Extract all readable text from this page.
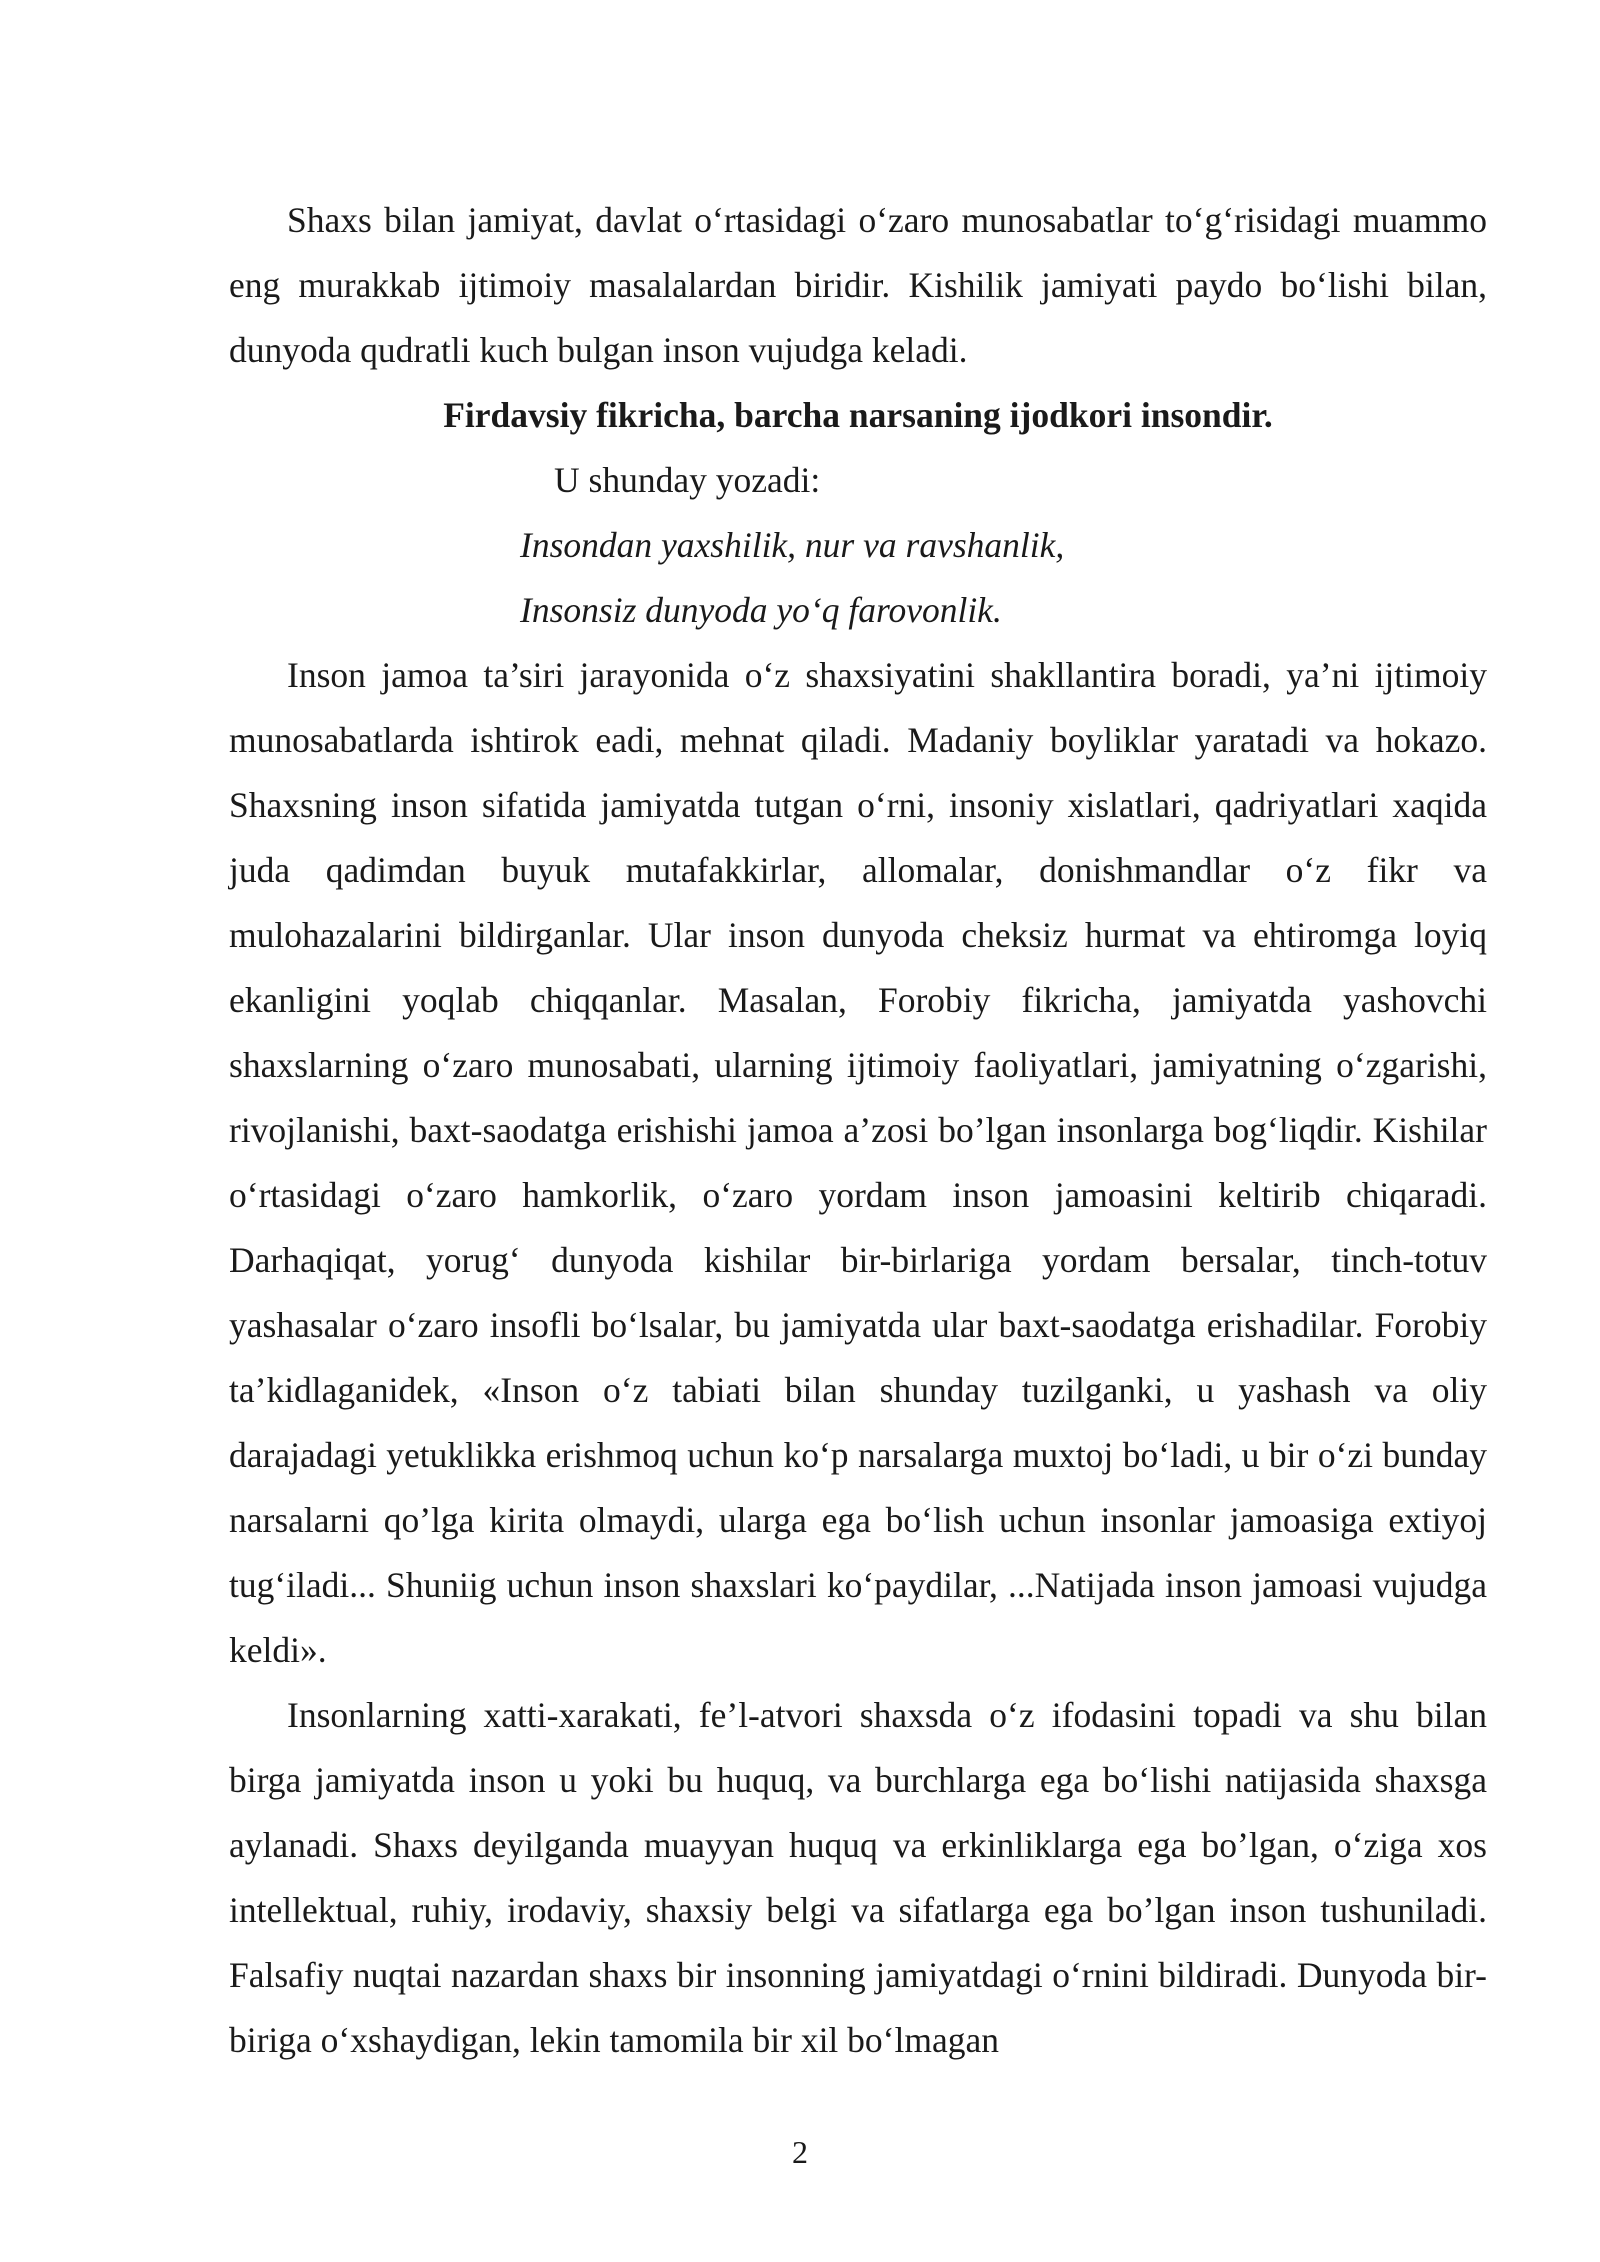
Shaxs bilan jamiyat, davlat oʻrtasidagi oʻzaro munosabatlar toʻgʻrisidagi muammo eng murakkab ijtimoiy masalalardan biridir. Kishilik jamiyati paydo boʻlishi bilan, dunyoda qudratli kuch bulgan inson vujudga keladi.

Firdavsiy fikricha, barcha narsaning ijodkori insondir.

U shunday yozadi:

Insondan yaxshilik, nur va ravshanlik,

Insonsiz dunyoda yoʻq farovonlik.

Inson jamoa ta’siri jarayonida oʻz shaxsiyatini shakllantira boradi, ya’ni ijtimoiy munosabatlarda ishtirok eadi, mehnat qiladi. Madaniy boyliklar yaratadi va hokazo. Shaxsning inson sifatida jamiyatda tutgan oʻrni, insoniy xislatlari, qadriyatlari xaqida juda qadimdan buyuk mutafakkirlar, allomalar, donishmandlar oʻz fikr va mulohazalarini bildirganlar. Ular inson dunyoda cheksiz hurmat va ehtiromga loyiq ekanligini yoqlab chiqqanlar. Masalan, Forobiy fikricha, jamiyatda yashovchi shaxslarning oʻzaro munosabati, ularning ijtimoiy faoliyatlari, jamiyatning oʻzgarishi, rivojlanishi, baxt-saodatga erishishi jamoa a’zosi bo’lgan insonlarga bogʻliqdir. Kishilar oʻrtasidagi oʻzaro hamkorlik, oʻzaro yordam inson jamoasini keltirib chiqaradi. Darhaqiqat, yorugʻ dunyoda kishilar bir-birlariga yordam bersalar, tinch-totuv yashasalar oʻzaro insofli boʻlsalar, bu jamiyatda ular baxt-saodatga erishadilar. Forobiy ta’kidlaganidek, «Inson oʻz tabiati bilan shunday tuzilganki, u yashash va oliy darajadagi yetuklikka erishmoq uchun koʻp narsalarga muxtoj boʻladi, u bir oʻzi bunday narsalarni qo’lga kirita olmaydi, ularga ega boʻlish uchun insonlar jamoasiga extiyoj tugʻiladi... Shuniig uchun inson shaxslari koʻpaydilar, ...Natijada inson jamoasi vujudga keldi».

Insonlarning xatti-xarakati, fe’l-atvori shaxsda oʻz ifodasini topadi va shu bilan birga jamiyatda inson u yoki bu huquq, va burchlarga ega boʻlishi natijasida shaxsga aylanadi. Shaxs deyilganda muayyan huquq va erkinliklarga ega bo’lgan, oʻziga xos intellektual, ruhiy, irodaviy, shaxsiy belgi va sifatlarga ega bo’lgan inson tushuniladi. Falsafiy nuqtai nazardan shaxs bir insonning jamiyatdagi oʻrnini bildiradi. Dunyoda bir-biriga oʻxshaydigan, lekin tamomila bir xil boʻlmagan

2
